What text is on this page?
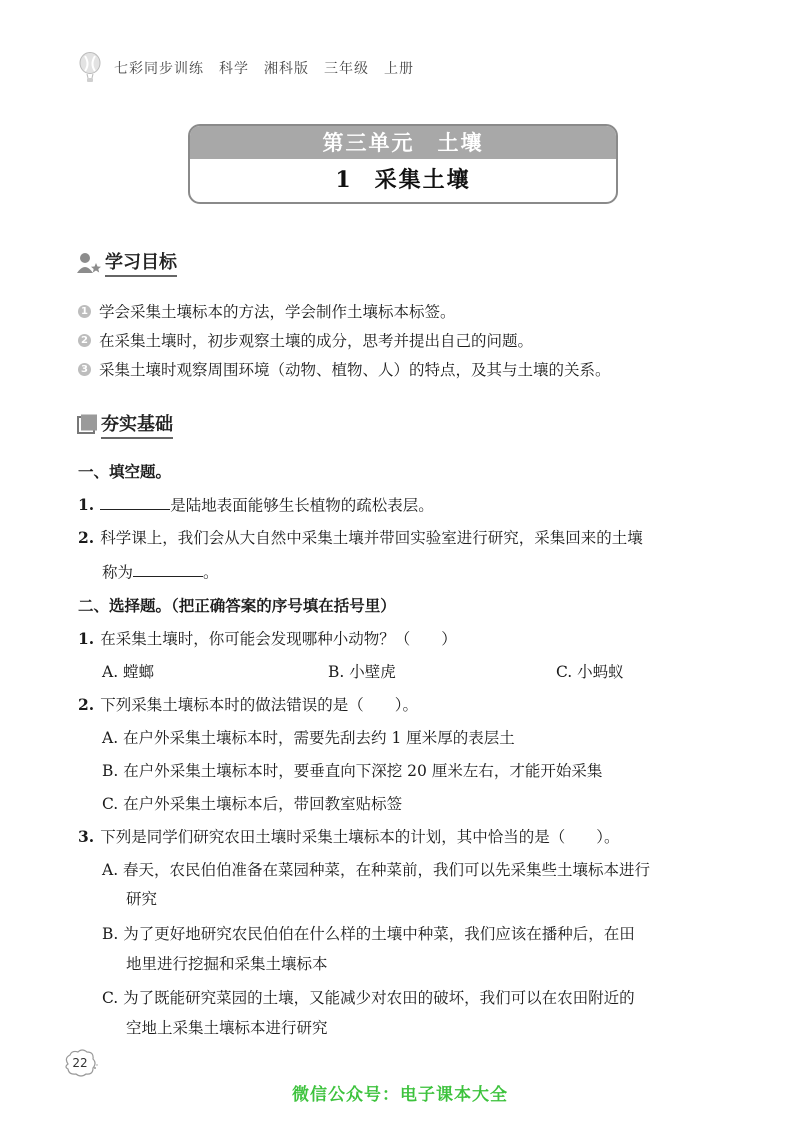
七彩同步训练　科学　湘科版　三年级　上册
第三单元　土壤
1 采集土壤
学习目标
1 学会采集土壤标本的方法，学会制作土壤标本标签。
2 在采集土壤时，初步观察土壤的成分，思考并提出自己的问题。
3 采集土壤时观察周围环境（动物、植物、人）的特点，及其与土壤的关系。
夯实基础
一、填空题。
1.	是陆地表面能够生长植物的疏松表层。
2. 科学课上，我们会从大自然中采集土壤并带回实验室进行研究，采集回来的土壤
称为	。
二、选择题。（把正确答案的序号填在括号里）
1. 在采集土壤时，你可能会发现哪种小动物？（　　）
A. 螳螂	B. 小壁虎	C. 小蚂蚁
2. 下列采集土壤标本时的做法错误的是（　　）。
A. 在户外采集土壤标本时，需要先刮去约 1 厘米厚的表层土
B. 在户外采集土壤标本时，要垂直向下深挖 20 厘米左右，才能开始采集
C. 在户外采集土壤标本后，带回教室贴标签
3. 下列是同学们研究农田土壤时采集土壤标本的计划，其中恰当的是（　　）。
A. 春天，农民伯伯准备在菜园种菜，在种菜前，我们可以先采集些土壤标本进行
研究
B. 为了更好地研究农民伯伯在什么样的土壤中种菜，我们应该在播种后，在田
地里进行挖掘和采集土壤标本
C. 为了既能研究菜园的土壤，又能减少对农田的破坏，我们可以在农田附近的
空地上采集土壤标本进行研究
22
微信公众号：电子课本大全
